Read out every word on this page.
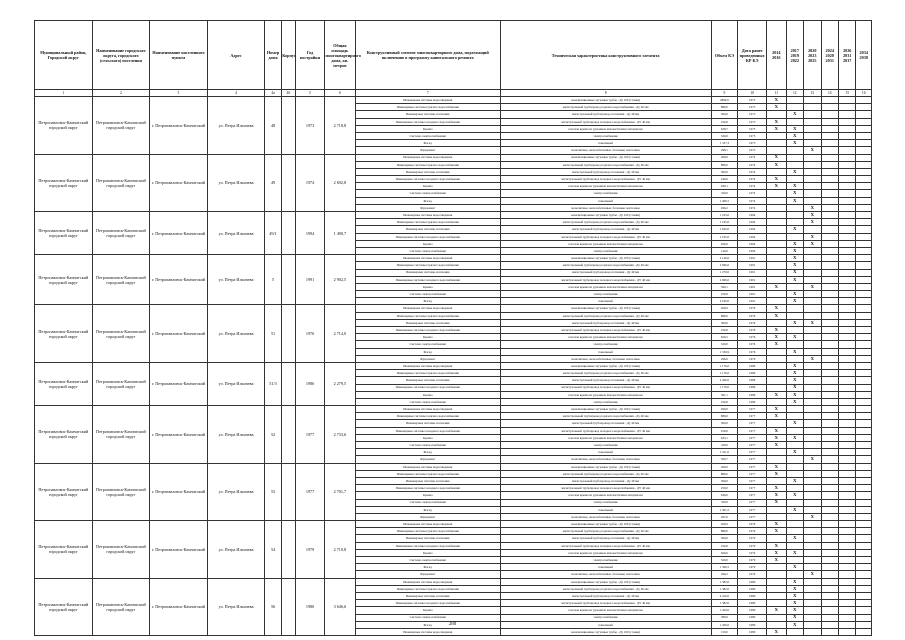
Муниципальный район, Городской округ	Наименование городского округа, городского (сельского) поселения	Наименование населенного пункта	Адрес	Номер дома	Корпус	Год постройки	Общая площадь многоквартирного дома, кв. метров	Конструктивный элемент многоквартирного дома, подлежащий включению в программу капитального ремонта	Техническая характеристика конструктивного элемента	Объем КЭ	Дата ранее проведенных КР КЭ	2014 2016	2017 2019 2022	2020 2023 2025	2024 2028 2031	2026 2031 2037	2034 2038
1	2	3	4	4а	4б	5	6	7	8	9	10	11	12	13	14	15	16
Петропавловск-Камчатский городской округ	Петропавловск-Камчатский городской округ	г. Петропавловск-Камчатский	ул. Петра Ильичева	48		1973	2 718,8	Инженерные системы водоотведения	канализационные чугунные трубы - Ду 100 (стояки)	2860,0	1973	X					
								Инженерные системы горячего водоснабжения	магистральный трубопровод горячего водоснабжения - Ду 40 мм	880,0	1973	X					
								Инженерные системы отопления	магистральный трубопровод отопления - Ду 40 мм	300,0	1973		X				
								Инженерные системы холодного водоснабжения	магистральный трубопровод холодного водоснабжения - ДУ 40 мм	250,0	1973	X					
								Крыша	плоская крыша из рулонных или мастичных материалов	628,7	1973	X	X				
								Система электроснабжения	электроснабжение	320,0	1973		X				
								Фасад	панельный	1 337,3	1973		X				
								Фундамент	монолитные, железобетонные, бетонные ленточные	298,1	1973			X			
Петропавловск-Камчатский городской округ	Петропавловск-Камчатский городской округ	г. Петропавловск-Камчатский	ул. Петра Ильичева	49		1974	2 692,8	Инженерные системы водоотведения	канализационные чугунные трубы - Ду 100 (стояки)	260,0	1974	X					
								Инженерные системы горячего водоснабжения	магистральный трубопровод горячего водоснабжения - Ду 40 мм	880,0	1974	X					
								Инженерные системы отопления	магистральный трубопровод отопления - Ду 40 мм	300,0	1974		X				
								Инженерные системы холодного водоснабжения	магистральный трубопровод холодного водоснабжения - ДУ 40 мм	240,0	1974	X					
								Крыша	плоская крыша из рулонных или мастичных материалов	630,1	1974	X	X				
								Система электроснабжения	электроснабжение	320,0	1974		X				
								Фасад	панельный	1 406,5	1974		X				
								Фундамент	монолитные, железобетонные, бетонные ленточные	296,2	1974			X			
Петропавловск-Камчатский городской округ	Петропавловск-Камчатский городской округ	г. Петропавловск-Камчатский	ул. Петра Ильичева	49/1		1994	1 490,7	Инженерные системы водоотведения	канализационные чугунные трубы - Ду 100 (стояки)	1 165,0	1994			X			
								Инженерные системы горячего водоснабжения	магистральный трубопровод горячего водоснабжения - Ду 40 мм	1 165,0	1994			X			
								Инженерные системы отопления	магистральный трубопровод отопления - Ду 40 мм	1 620,0	1994		X				
								Инженерные системы холодного водоснабжения	магистральный трубопровод холодного водоснабжения - ДУ 40 мм	1 165,0	1994			X			
								Крыша	плоская крыша из рулонных или мастичных материалов	290,0	1994		X	X			
								Система электроснабжения	электроснабжение	120,0	1994		X				
Петропавловск-Камчатский городской округ	Петропавловск-Камчатский городской округ	г. Петропавловск-Камчатский	ул. Петра Ильичева	5		1991	2 902,5	Инженерные системы водоотведения	канализационные чугунные трубы - Ду 100 (стояки)	2 146,0	1991		X				
								Инженерные системы горячего водоснабжения	магистральный трубопровод горячего водоснабжения - Ду 40 мм	2 966,0	1991		X				
								Инженерные системы отопления	магистральный трубопровод отопления - Ду 40 мм	1 270,0	1991		X				
								Инженерные системы холодного водоснабжения	магистральный трубопровод холодного водоснабжения - ДУ 40 мм	2 966,0	1991		X				
								Крыша	плоская крыша из рулонных или мастичных материалов	590,1	1991	X		X			
								Система электроснабжения	электроснабжение	250,0	1991		X				
								Фасад	панельный	2 190,0	1991		X				
Петропавловск-Камчатский городской округ	Петропавловск-Камчатский городской округ	г. Петропавловск-Камчатский	ул. Петра Ильичева	51		1976	2 714,0	Инженерные системы водоотведения	канализационные чугунные трубы - Ду 100 (стояки)	260,0	1976	X					
								Инженерные системы горячего водоснабжения	магистральный трубопровод горячего водоснабжения - Ду 40 мм	880,0	1976	X					
								Инженерные системы отопления	магистральный трубопровод отопления - Ду 40 мм	300,0	1976		X	X			
								Инженерные системы холодного водоснабжения	магистральный трубопровод холодного водоснабжения - ДУ 40 мм	250,0	1976	X					
								Крыша	плоская крыша из рулонных или мастичных материалов	626,5	1976	X	X				
								Система электроснабжения	электроснабжение	320,0	1976	X					
								Фасад	панельный	1 339,9	1976		X				
								Фундамент	монолитные, железобетонные, бетонные ленточные	296,6	1976			X			
Петропавловск-Камчатский городской округ	Петропавловск-Камчатский городской округ	г. Петропавловск-Камчатский	ул. Петра Ильичева	51/3		1986	2 279,5	Инженерные системы водоотведения	канализационные чугунные трубы - Ду 100 (стояки)	1 176,0	1986		X				
								Инженерные системы горячего водоснабжения	магистральный трубопровод горячего водоснабжения - Ду 40 мм	1 176,0	1986		X				
								Инженерные системы отопления	магистральный трубопровод отопления - Ду 40 мм	2 446,0	1986		X				
								Инженерные системы холодного водоснабжения	магистральный трубопровод холодного водоснабжения - ДУ 40 мм	1 176,0	1986		X				
								Крыша	плоская крыша из рулонных или мастичных материалов	591,1	1986	X	X				
								Система электроснабжения	электроснабжение	250,0	1986		X				
Петропавловск-Камчатский городской округ	Петропавловск-Камчатский городской округ	г. Петропавловск-Камчатский	ул. Петра Ильичева	52		1977	2 733,6	Инженерные системы водоотведения	канализационные чугунные трубы - Ду 100 (стояки)	260,0	1977	X					
								Инженерные системы горячего водоснабжения	магистральный трубопровод горячего водоснабжения - Ду 40 мм	880,0	1977	X					
								Инженерные системы отопления	магистральный трубопровод отопления - Ду 40 мм	300,0	1977		X				
								Инженерные системы холодного водоснабжения	магистральный трубопровод холодного водоснабжения - ДУ 40 мм	250,0	1977	X					
								Крыша	плоская крыша из рулонных или мастичных материалов	635,1	1977	X	X				
								Система электроснабжения	электроснабжение	320,0	1977	X					
								Фасад	панельный	1 321,0	1977		X				
								Фундамент	монолитные, железобетонные, бетонные ленточные	300,7	1977			X			
Петропавловск-Камчатский городской округ	Петропавловск-Камчатский городской округ	г. Петропавловск-Камчатский	ул. Петра Ильичева	53		1977	2 701,7	Инженерные системы водоотведения	канализационные чугунные трубы - Ду 100 (стояки)	260,0	1977	X					
								Инженерные системы горячего водоснабжения	магистральный трубопровод горячего водоснабжения - Ду 40 мм	880,0	1977	X					
								Инженерные системы отопления	магистральный трубопровод отопления - Ду 40 мм	300,0	1977		X				
								Инженерные системы холодного водоснабжения	магистральный трубопровод холодного водоснабжения - ДУ 40 мм	250,0	1977	X					
								Крыша	плоская крыша из рулонных или мастичных материалов	636,0	1977	X	X				
								Система электроснабжения	электроснабжение	320,0	1977	X					
								Фасад	панельный	1 301,5	1977		X				
								Фундамент	монолитные, железобетонные, бетонные ленточные	297,6	1977			X			
Петропавловск-Камчатский городской округ	Петропавловск-Камчатский городской округ	г. Петропавловск-Камчатский	ул. Петра Ильичева	54		1979	2 710,8	Инженерные системы водоотведения	канализационные чугунные трубы - Ду 100 (стояки)	260,0	1979	X					
								Инженерные системы горячего водоснабжения	магистральный трубопровод горячего водоснабжения - Ду 40 мм	880,0	1979	X					
								Инженерные системы отопления	магистральный трубопровод отопления - Ду 40 мм	300,0	1979		X				
								Инженерные системы холодного водоснабжения	магистральный трубопровод холодного водоснабжения - ДУ 40 мм	250,0	1979	X					
								Крыша	плоская крыша из рулонных или мастичных материалов	626,6	1979	X	X				
								Система электроснабжения	электроснабжение	320,0	1979	X					
								Фасад	панельный	1 306,5	1979		X				
								Фундамент	монолитные, железобетонные, бетонные ленточные	296,2	1979			X			
Петропавловск-Камчатский городской округ	Петропавловск-Камчатский городской округ	г. Петропавловск-Камчатский	ул. Петра Ильичева	56		1980	3 646,6	Инженерные системы водоотведения	канализационные чугунные трубы - Ду 100 (стояки)	1 382,0	1980		X				
								Инженерные системы горячего водоснабжения	магистральный трубопровод горячего водоснабжения - Ду 40 мм	1 382,0	1980		X				
								Инженерные системы отопления	магистральный трубопровод отопления - Ду 40 мм	4 410,0	1980		X				
								Инженерные системы холодного водоснабжения	магистральный трубопровод холодного водоснабжения - ДУ 40 мм	1 382,0	1980		X				
								Крыша	плоская крыша из рулонных или мастичных материалов	1 429,0	1980	X	X				
								Система электроснабжения	электроснабжение	380,0	1980		X				
								Фасад	панельный	1 456,0	1980		X				
								Инженерные системы водоотведения	канализационные чугунные трубы - Ду 100 (стояки)	150,0	1980	X					
280
